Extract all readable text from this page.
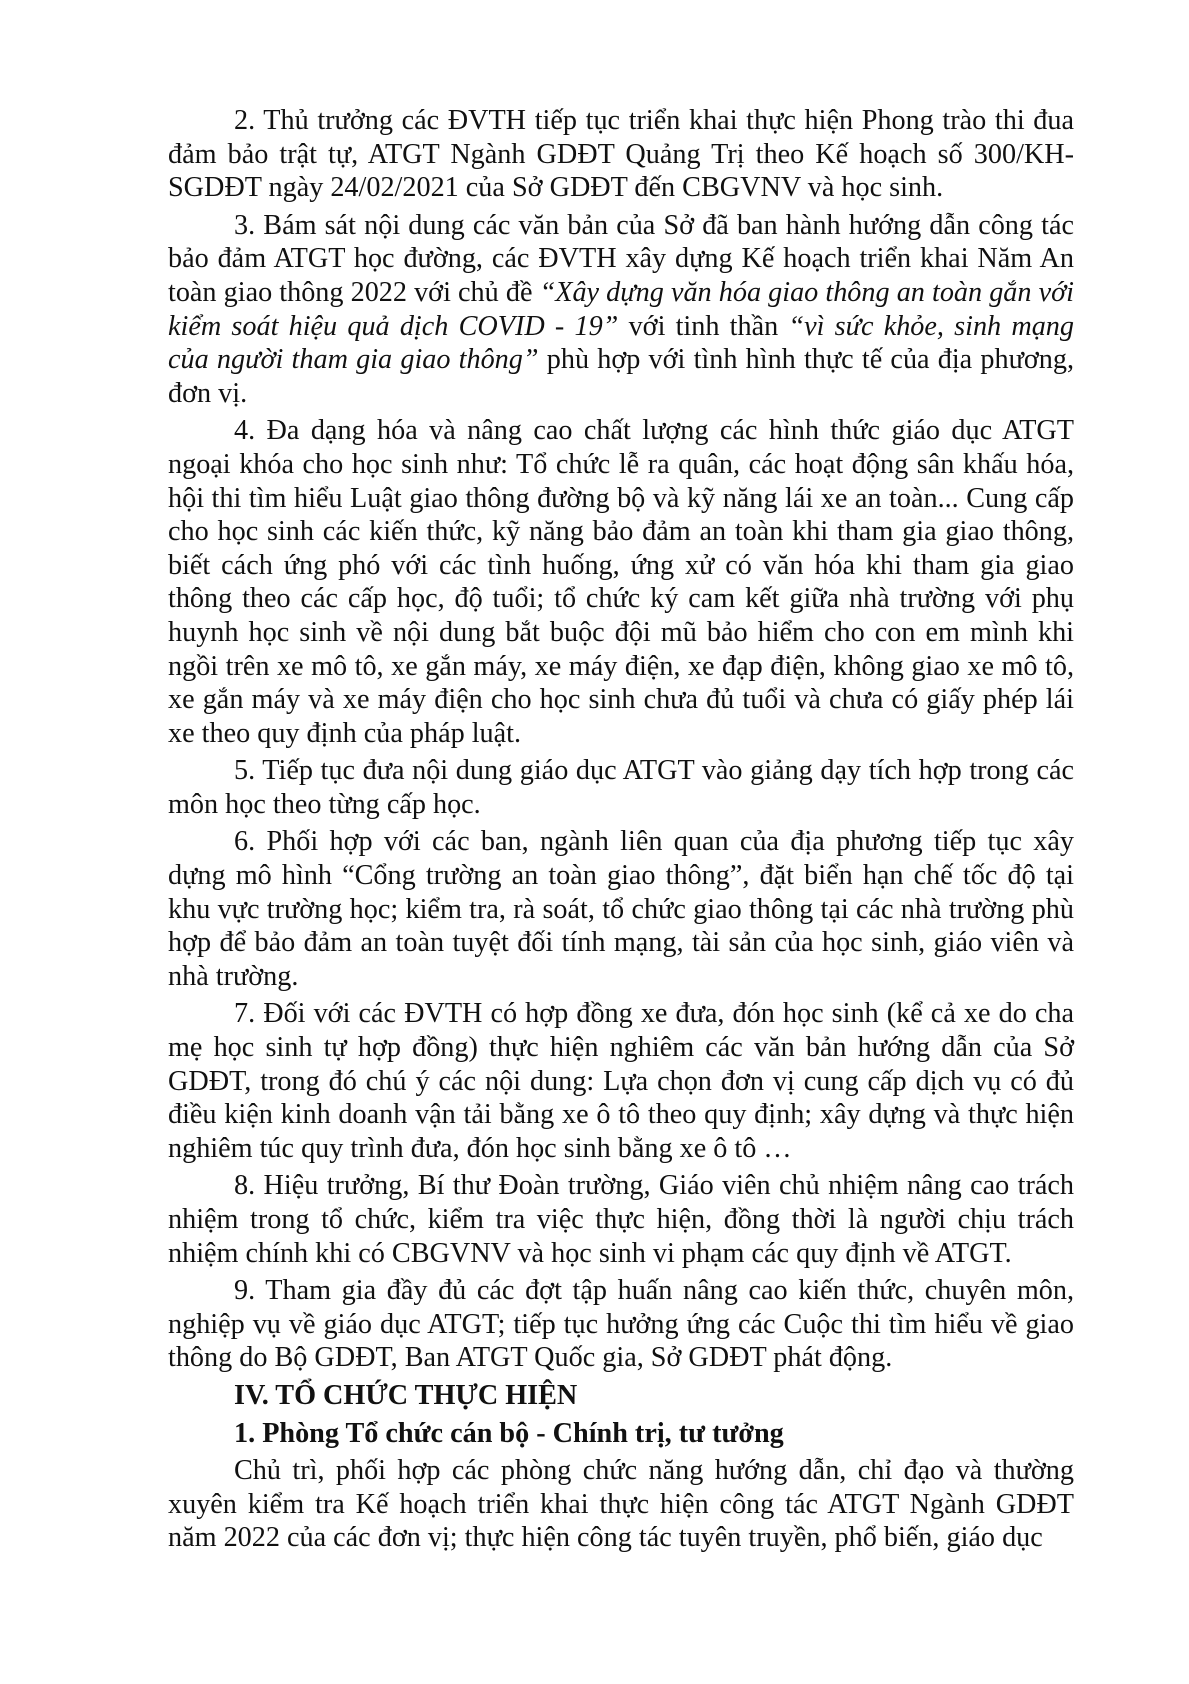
2. Thủ trưởng các ĐVTH tiếp tục triển khai thực hiện Phong trào thi đua đảm bảo trật tự, ATGT Ngành GDĐT Quảng Trị theo Kế hoạch số 300/KH-SGDĐT ngày 24/02/2021 của Sở GDĐT đến CBGVNV và học sinh.

3. Bám sát nội dung các văn bản của Sở đã ban hành hướng dẫn công tác bảo đảm ATGT học đường, các ĐVTH xây dựng Kế hoạch triển khai Năm An toàn giao thông 2022 với chủ đề “Xây dựng văn hóa giao thông an toàn gắn với kiểm soát hiệu quả dịch COVID - 19” với tinh thần “vì sức khỏe, sinh mạng của người tham gia giao thông” phù hợp với tình hình thực tế của địa phương, đơn vị.

4. Đa dạng hóa và nâng cao chất lượng các hình thức giáo dục ATGT ngoại khóa cho học sinh như: Tổ chức lễ ra quân, các hoạt động sân khấu hóa, hội thi tìm hiểu Luật giao thông đường bộ và kỹ năng lái xe an toàn... Cung cấp cho học sinh các kiến thức, kỹ năng bảo đảm an toàn khi tham gia giao thông, biết cách ứng phó với các tình huống, ứng xử có văn hóa khi tham gia giao thông theo các cấp học, độ tuổi; tổ chức ký cam kết giữa nhà trường với phụ huynh học sinh về nội dung bắt buộc đội mũ bảo hiểm cho con em mình khi ngồi trên xe mô tô, xe gắn máy, xe máy điện, xe đạp điện, không giao xe mô tô, xe gắn máy và xe máy điện cho học sinh chưa đủ tuổi và chưa có giấy phép lái xe theo quy định của pháp luật.

5. Tiếp tục đưa nội dung giáo dục ATGT vào giảng dạy tích hợp trong các môn học theo từng cấp học.

6. Phối hợp với các ban, ngành liên quan của địa phương tiếp tục xây dựng mô hình “Cổng trường an toàn giao thông”, đặt biển hạn chế tốc độ tại khu vực trường học; kiểm tra, rà soát, tổ chức giao thông tại các nhà trường phù hợp để bảo đảm an toàn tuyệt đối tính mạng, tài sản của học sinh, giáo viên và nhà trường.

7. Đối với các ĐVTH có hợp đồng xe đưa, đón học sinh (kể cả xe do cha mẹ học sinh tự hợp đồng) thực hiện nghiêm các văn bản hướng dẫn của Sở GDĐT, trong đó chú ý các nội dung: Lựa chọn đơn vị cung cấp dịch vụ có đủ điều kiện kinh doanh vận tải bằng xe ô tô theo quy định; xây dựng và thực hiện nghiêm túc quy trình đưa, đón học sinh bằng xe ô tô …

8. Hiệu trưởng, Bí thư Đoàn trường, Giáo viên chủ nhiệm nâng cao trách nhiệm trong tổ chức, kiểm tra việc thực hiện, đồng thời là người chịu trách nhiệm chính khi có CBGVNV và học sinh vi phạm các quy định về ATGT.

9. Tham gia đầy đủ các đợt tập huấn nâng cao kiến thức, chuyên môn, nghiệp vụ về giáo dục ATGT; tiếp tục hưởng ứng các Cuộc thi tìm hiểu về giao thông do Bộ GDĐT, Ban ATGT Quốc gia, Sở GDĐT phát động.

IV. TỔ CHỨC THỰC HIỆN

1. Phòng Tổ chức cán bộ - Chính trị, tư tưởng

Chủ trì, phối hợp các phòng chức năng hướng dẫn, chỉ đạo và thường xuyên kiểm tra Kế hoạch triển khai thực hiện công tác ATGT Ngành GDĐT năm 2022 của các đơn vị; thực hiện công tác tuyên truyền, phổ biến, giáo dục
